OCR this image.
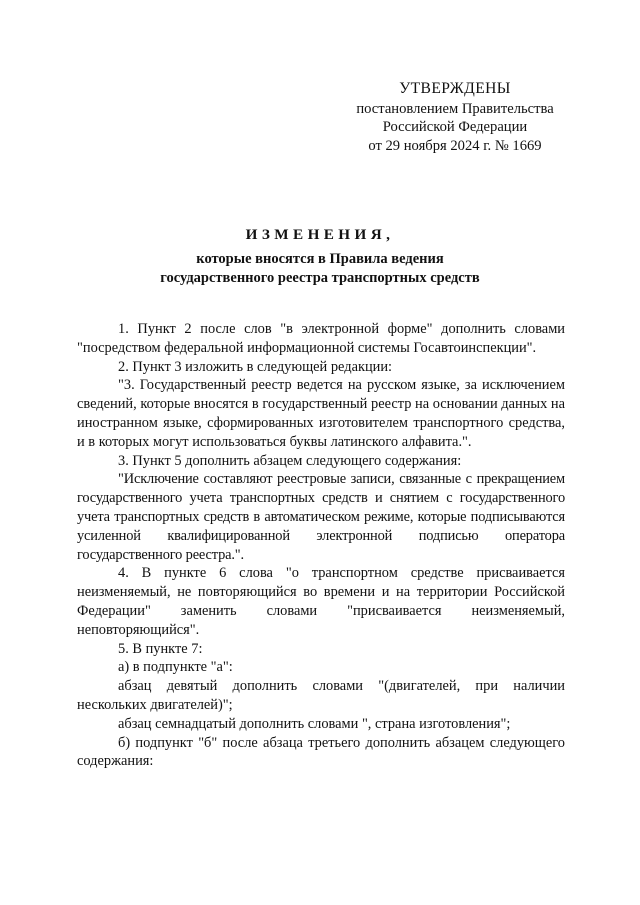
УТВЕРЖДЕНЫ
постановлением Правительства
Российской Федерации
от 29 ноября 2024 г. № 1669
ИЗМЕНЕНИЯ,
которые вносятся в Правила ведения
государственного реестра транспортных средств

1. Пункт 2 после слов "в электронной форме" дополнить словами "посредством федеральной информационной системы Госавтоинспекции".

2. Пункт 3 изложить в следующей редакции:

"3. Государственный реестр ведется на русском языке, за исключением сведений, которые вносятся в государственный реестр на основании данных на иностранном языке, сформированных изготовителем транспортного средства, и в которых могут использоваться буквы латинского алфавита.".

3. Пункт 5 дополнить абзацем следующего содержания:

"Исключение составляют реестровые записи, связанные с прекращением государственного учета транспортных средств и снятием с государственного учета транспортных средств в автоматическом режиме, которые подписываются усиленной квалифицированной электронной подписью оператора государственного реестра.".

4. В пункте 6 слова "о транспортном средстве присваивается неизменяемый, не повторяющийся во времени и на территории Российской Федерации" заменить словами "присваивается неизменяемый, неповторяющийся".

5. В пункте 7:

а) в подпункте "а":

абзац девятый дополнить словами "(двигателей, при наличии нескольких двигателей)";

абзац семнадцатый дополнить словами ", страна изготовления";

б) подпункт "б" после абзаца третьего дополнить абзацем следующего содержания:
